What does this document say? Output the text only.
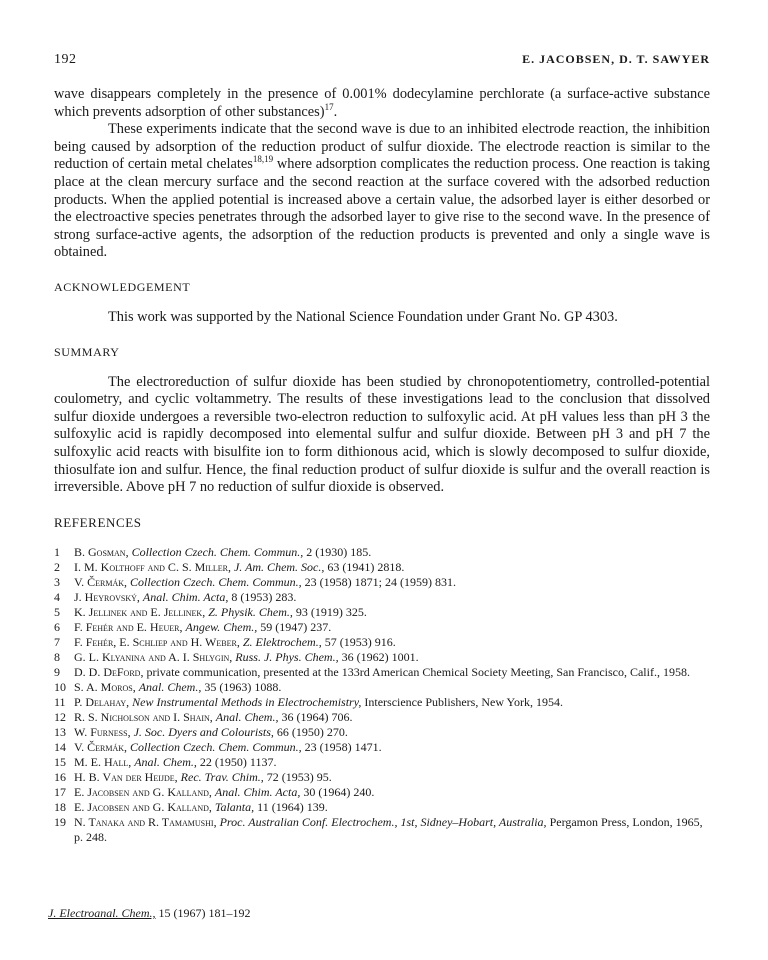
192	E. JACOBSEN, D. T. SAWYER

wave disappears completely in the presence of 0.001% dodecylamine perchlorate (a surface-active substance which prevents adsorption of other substances)$^{17}$.

These experiments indicate that the second wave is due to an inhibited electrode reaction, the inhibition being caused by adsorption of the reduction product of sulfur dioxide. The electrode reaction is similar to the reduction of certain metal chelates$^{18,19}$ where adsorption complicates the reduction process. One reaction is taking place at the clean mercury surface and the second reaction at the surface covered with the adsorbed reduction products. When the applied potential is increased above a certain value, the adsorbed layer is either desorbed or the electroactive species penetrates through the adsorbed layer to give rise to the second wave. In the presence of strong surface-active agents, the adsorption of the reduction products is prevented and only a single wave is obtained.

ACKNOWLEDGEMENT

This work was supported by the National Science Foundation under Grant No. GP 4303.

SUMMARY

The electroreduction of sulfur dioxide has been studied by chronopotentiometry, controlled-potential coulometry, and cyclic voltammetry. The results of these investigations lead to the conclusion that dissolved sulfur dioxide undergoes a reversible two-electron reduction to sulfoxylic acid. At pH values less than pH 3 the sulfoxylic acid is rapidly decomposed into elemental sulfur and sulfur dioxide. Between pH 3 and pH 7 the sulfoxylic acid reacts with bisulfite ion to form dithionous acid, which is slowly decomposed to sulfur dioxide, thiosulfate ion and sulfur. Hence, the final reduction product of sulfur dioxide is sulfur and the overall reaction is irreversible. Above pH 7 no reduction of sulfur dioxide is observed.

REFERENCES
1	B. Gosman, Collection Czech. Chem. Commun., 2 (1930) 185.
2	I. M. Kolthoff and C. S. Miller, J. Am. Chem. Soc., 63 (1941) 2818.
3	V. Čermák, Collection Czech. Chem. Commun., 23 (1958) 1871; 24 (1959) 831.
4	J. Heyrovský, Anal. Chim. Acta, 8 (1953) 283.
5	K. Jellinek and E. Jellinek, Z. Physik. Chem., 93 (1919) 325.
6	F. Fehér and E. Heuer, Angew. Chem., 59 (1947) 237.
7	F. Fehér, E. Schliep and H. Weber, Z. Elektrochem., 57 (1953) 916.
8	G. L. Klyanina and A. I. Shlygin, Russ. J. Phys. Chem., 36 (1962) 1001.
9	D. D. DeFord, private communication, presented at the 133rd American Chemical Society Meeting, San Francisco, Calif., 1958.
10 S. A. Moros, Anal. Chem., 35 (1963) 1088.
11 P. Delahay, New Instrumental Methods in Electrochemistry, Interscience Publishers, New York, 1954.
12 R. S. Nicholson and I. Shain, Anal. Chem., 36 (1964) 706.
13 W. Furness, J. Soc. Dyers and Colourists, 66 (1950) 270.
14 V. Čermák, Collection Czech. Chem. Commun., 23 (1958) 1471.
15 M. E. Hall, Anal. Chem., 22 (1950) 1137.
16 H. B. Van der Heijde, Rec. Trav. Chim., 72 (1953) 95.
17 E. Jacobsen and G. Kalland, Anal. Chim. Acta, 30 (1964) 240.
18 E. Jacobsen and G. Kalland, Talanta, 11 (1964) 139.
19 N. Tanaka and R. Tamamushi, Proc. Australian Conf. Electrochem., 1st, Sidney–Hobart, Australia, Pergamon Press, London, 1965, p. 248.
J. Electroanal. Chem., 15 (1967) 181–192
